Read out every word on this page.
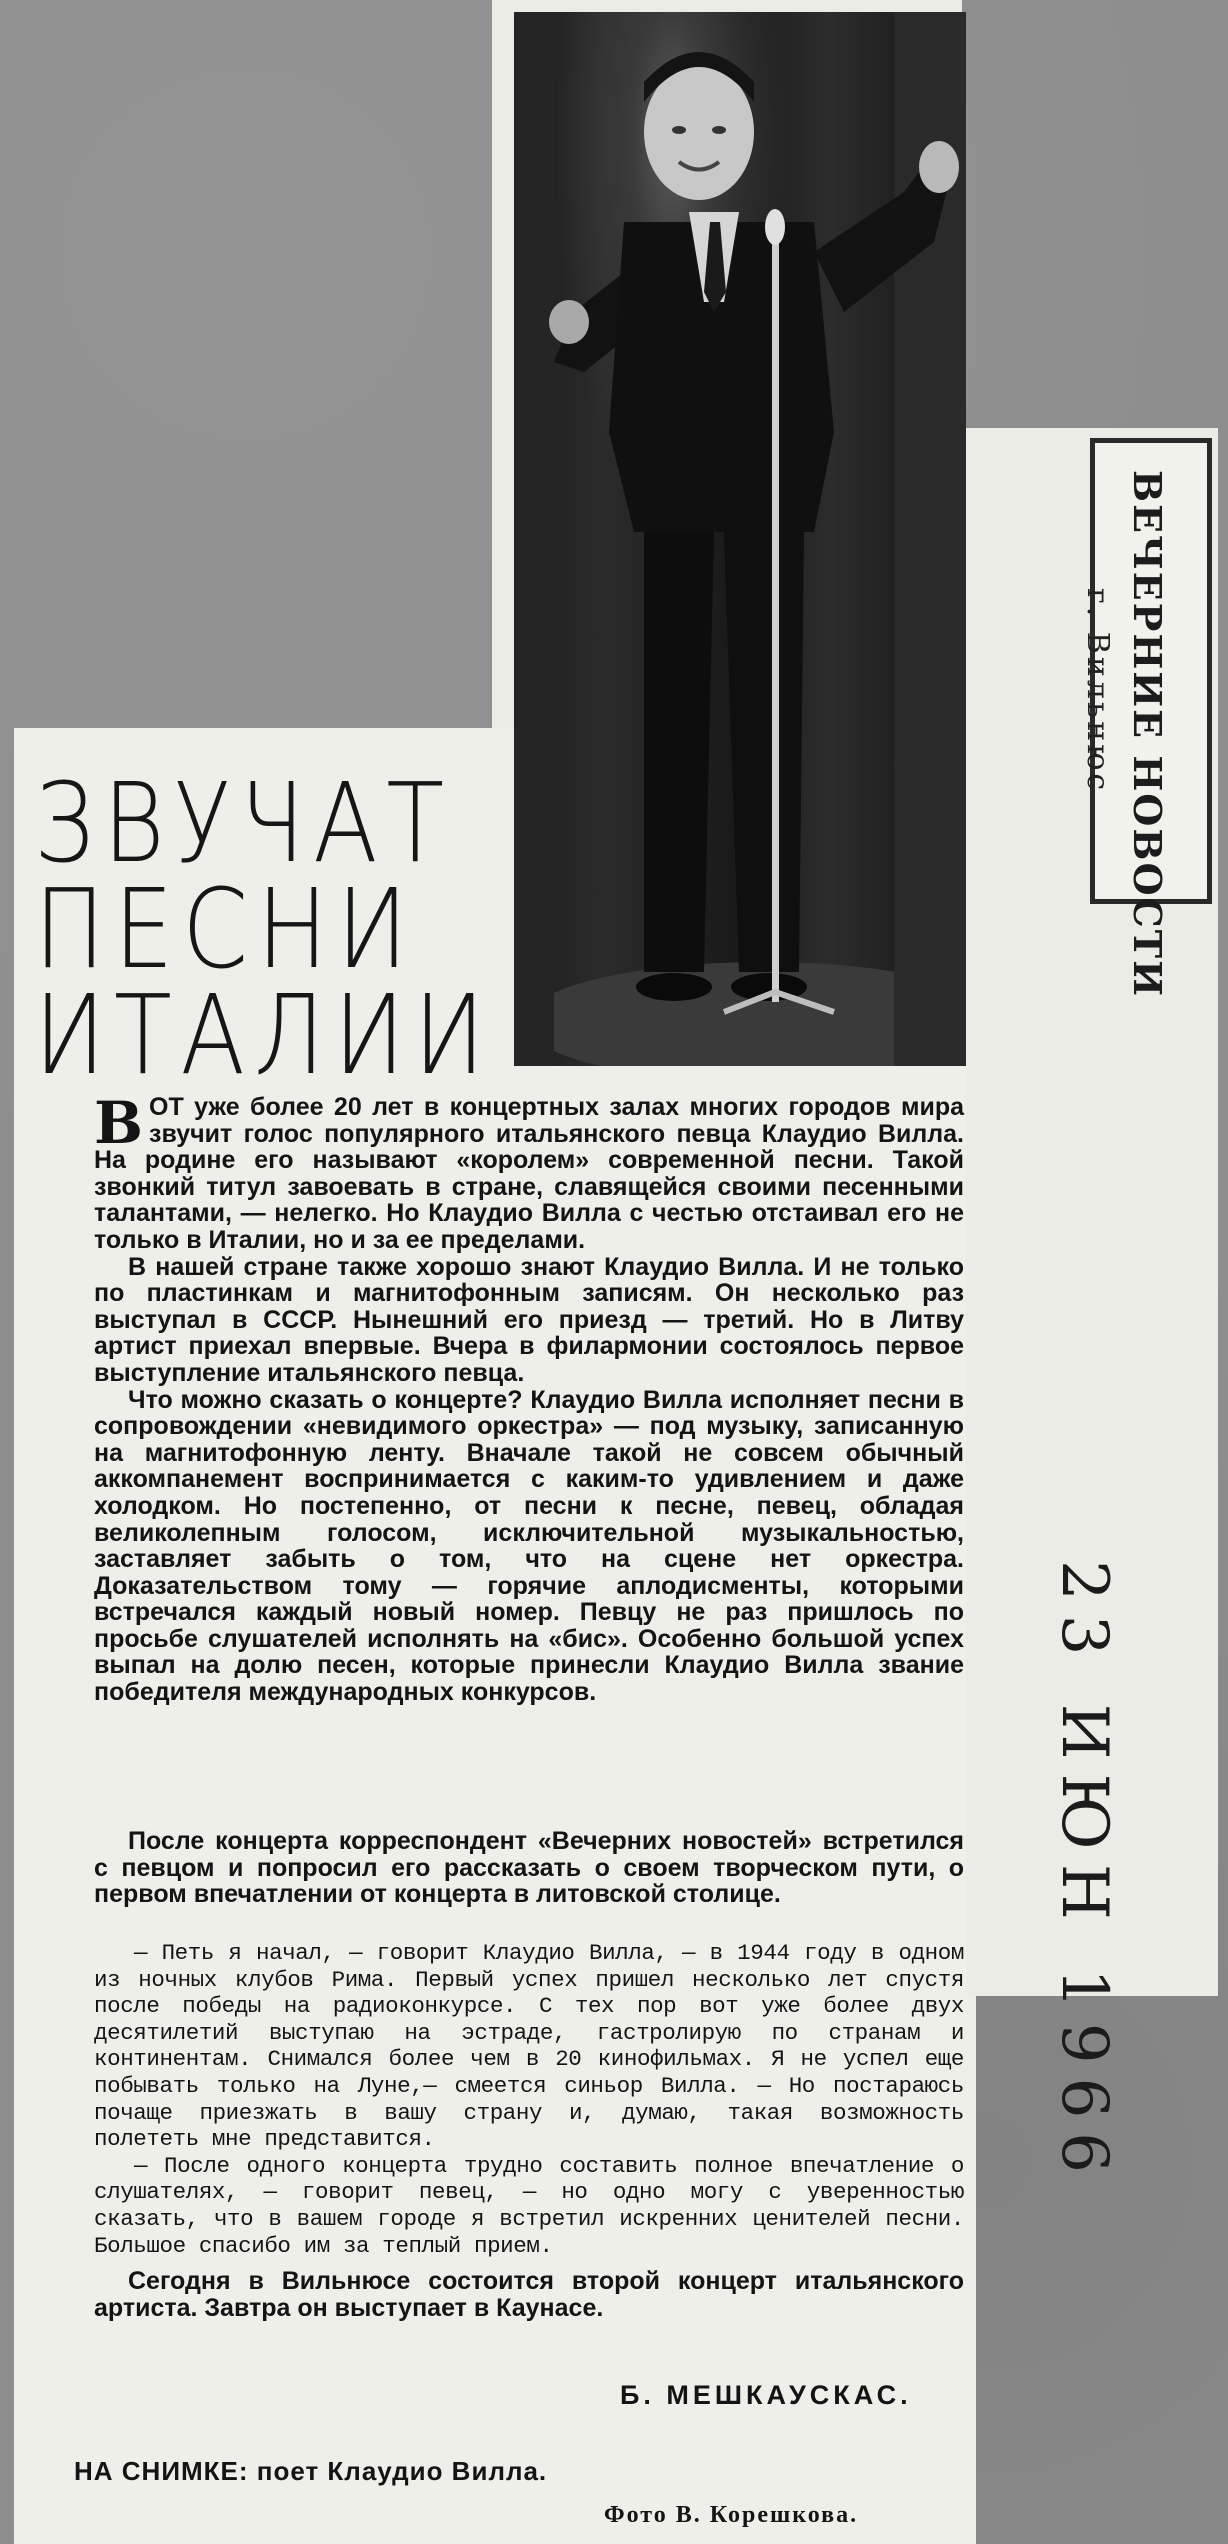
ВЕЧЕРНИЕ НОВОСТИ
г. Вильнюс
23 ИЮН 1966
ЗВУЧАТ
ПЕСНИ
ИТАЛИИ

ВОТ уже более 20 лет в концертных залах многих городов мира звучит голос популярного итальянского певца Клаудио Вилла. На родине его называют «королем» современной песни. Такой звонкий титул завоевать в стране, славящейся своими песенными талантами, — нелегко. Но Клаудио Вилла с честью отстаивал его не только в Италии, но и за ее пределами.

В нашей стране также хорошо знают Клаудио Вилла. И не только по пластинкам и магнитофонным записям. Он несколько раз выступал в СССР. Нынешний его приезд — третий. Но в Литву артист приехал впервые. Вчера в филармонии состоялось первое выступление итальянского певца.

Что можно сказать о концерте? Клаудио Вилла исполняет песни в сопровождении «невидимого оркестра» — под музыку, записанную на магнитофонную ленту. Вначале такой не совсем обычный аккомпанемент воспринимается с каким-то удивлением и даже холодком. Но постепенно, от песни к песне, певец, обладая великолепным голосом, исключительной музыкальностью, заставляет забыть о том, что на сцене нет оркестра. Доказательством тому — горячие аплодисменты, которыми встречался каждый новый номер. Певцу не раз пришлось по просьбе слушателей исполнять на «бис». Особенно большой успех выпал на долю песен, которые принесли Клаудио Вилла звание победителя международных конкурсов.

После концерта корреспондент «Вечерних новостей» встретился с певцом и попросил его рассказать о своем творческом пути, о первом впечатлении от концерта в литовской столице.

— Петь я начал, — говорит Клаудио Вилла, — в 1944 году в одном из ночных клубов Рима. Первый успех пришел несколько лет спустя после победы на радиоконкурсе. С тех пор вот уже более двух десятилетий выступаю на эстраде, гастролирую по странам и континентам. Снимался более чем в 20 кинофильмах. Я не успел еще побывать только на Луне,— смеется синьор Вилла. — Но постараюсь почаще приезжать в вашу страну и, думаю, такая возможность полететь мне представится.

— После одного концерта трудно составить полное впечатление о слушателях, — говорит певец, — но одно могу с уверенностью сказать, что в вашем городе я встретил искренних ценителей песни. Большое спасибо им за теплый прием.

Сегодня в Вильнюсе состоится второй концерт итальянского артиста. Завтра он выступает в Каунасе.

Б. МЕШКАУСКАС.
НА СНИМКЕ: поет Клаудио Вилла.
Фото В. Корешкова.
